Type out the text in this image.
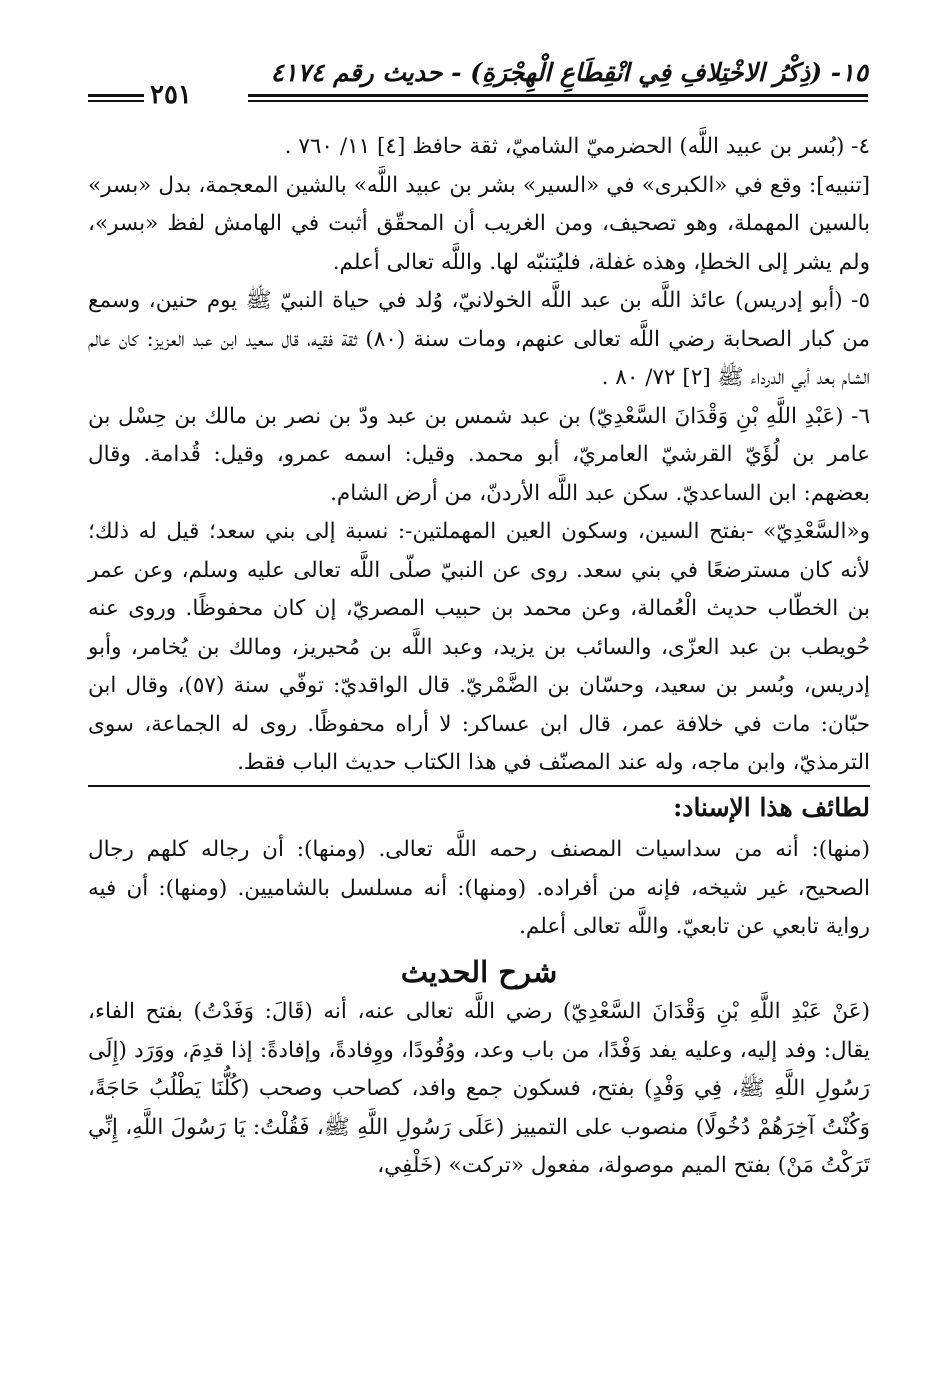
١٥- (ذِكْرُ الاخْتِلافِ فِي انْقِطَاعِ الْهِجْرَةِ) - حديث رقم ٤١٧٤
٢٥١

٤- (بُسر بن عبيد اللَّه) الحضرميّ الشاميّ، ثقة حافظ [٤] ١١/ ٧٦٠ .

[تنبيه]: وقع في «الكبرى» في «السير» بشر بن عبيد اللَّه» بالشين المعجمة، بدل «بسر» بالسين المهملة، وهو تصحيف، ومن الغريب أن المحقّق أثبت في الهامش لفظ «بسر»، ولم يشر إلى الخطإ، وهذه غفلة، فليُتنبّه لها. واللَّه تعالى أعلم.

٥- (أبو إدريس) عائذ اللَّه بن عبد اللَّه الخولانيّ، وُلد في حياة النبيّ ﷺ يوم حنين، وسمع من كبار الصحابة رضي اللَّه تعالى عنهم، ومات سنة (٨٠) ثقة فقيه، قال سعيد ابن عبد العزيز: كان عالم الشام بعد أبي الدرداء ﷺ [٢] ٧٢/ ٨٠ .

٦- (عَبْدِ اللَّهِ بْنِ وَقْدَانَ السَّعْدِيّ) بن عبد شمس بن عبد ودّ بن نصر بن مالك بن حِسْل بن عامر بن لُؤَيّ القرشيّ العامريّ، أبو محمد. وقيل: اسمه عمرو، وقيل: قُدامة. وقال بعضهم: ابن الساعديّ. سكن عبد اللَّه الأردنّ، من أرض الشام.

و«السَّعْدِيّ» -بفتح السين، وسكون العين المهملتين-: نسبة إلى بني سعد؛ قيل له ذلك؛ لأنه كان مسترضعًا في بني سعد. روى عن النبيّ صلّى اللَّه تعالى عليه وسلم، وعن عمر بن الخطّاب حديث الْعُمالة، وعن محمد بن حبيب المصريّ، إن كان محفوظًا. وروى عنه حُويطب بن عبد العزّى، والسائب بن يزيد، وعبد اللَّه بن مُحيريز، ومالك بن يُخامر، وأبو إدريس، وبُسر بن سعيد، وحسّان بن الضَّمْريّ. قال الواقديّ: توفّي سنة (٥٧)، وقال ابن حبّان: مات في خلافة عمر، قال ابن عساكر: لا أراه محفوظًا. روى له الجماعة، سوى الترمذيّ، وابن ماجه، وله عند المصنّف في هذا الكتاب حديث الباب فقط.

لطائف هذا الإسناد:

(منها): أنه من سداسيات المصنف رحمه اللَّه تعالى. (ومنها): أن رجاله كلهم رجال الصحيح، غير شيخه، فإنه من أفراده. (ومنها): أنه مسلسل بالشاميين. (ومنها): أن فيه رواية تابعي عن تابعيّ. واللَّه تعالى أعلم.

شرح الحديث

(عَنْ عَبْدِ اللَّهِ بْنِ وَقْدَانَ السَّعْدِيّ) رضي اللَّه تعالى عنه، أنه (قَالَ: وَفَدْتُ) بفتح الفاء، يقال: وفد إليه، وعليه يفد وَفْدًا، من باب وعد، ووُفُودًا، ووِفادةً، وإفادةً: إذا قدِمَ، ووَرَد (إِلَى رَسُولِ اللَّهِ ﷺ، فِي وَفْدٍ) بفتح، فسكون جمع وافد، كصاحب وصحب (كُلُّنَا يَطْلُبُ حَاجَةً، وَكُنْتُ آخِرَهُمْ دُخُولًا) منصوب على التمييز (عَلَى رَسُولِ اللَّهِ ﷺ، فَقُلْتُ: يَا رَسُولَ اللَّهِ، إِنِّي تَرَكْتُ مَنْ) بفتح الميم موصولة، مفعول «تركت» (خَلْفِي،
